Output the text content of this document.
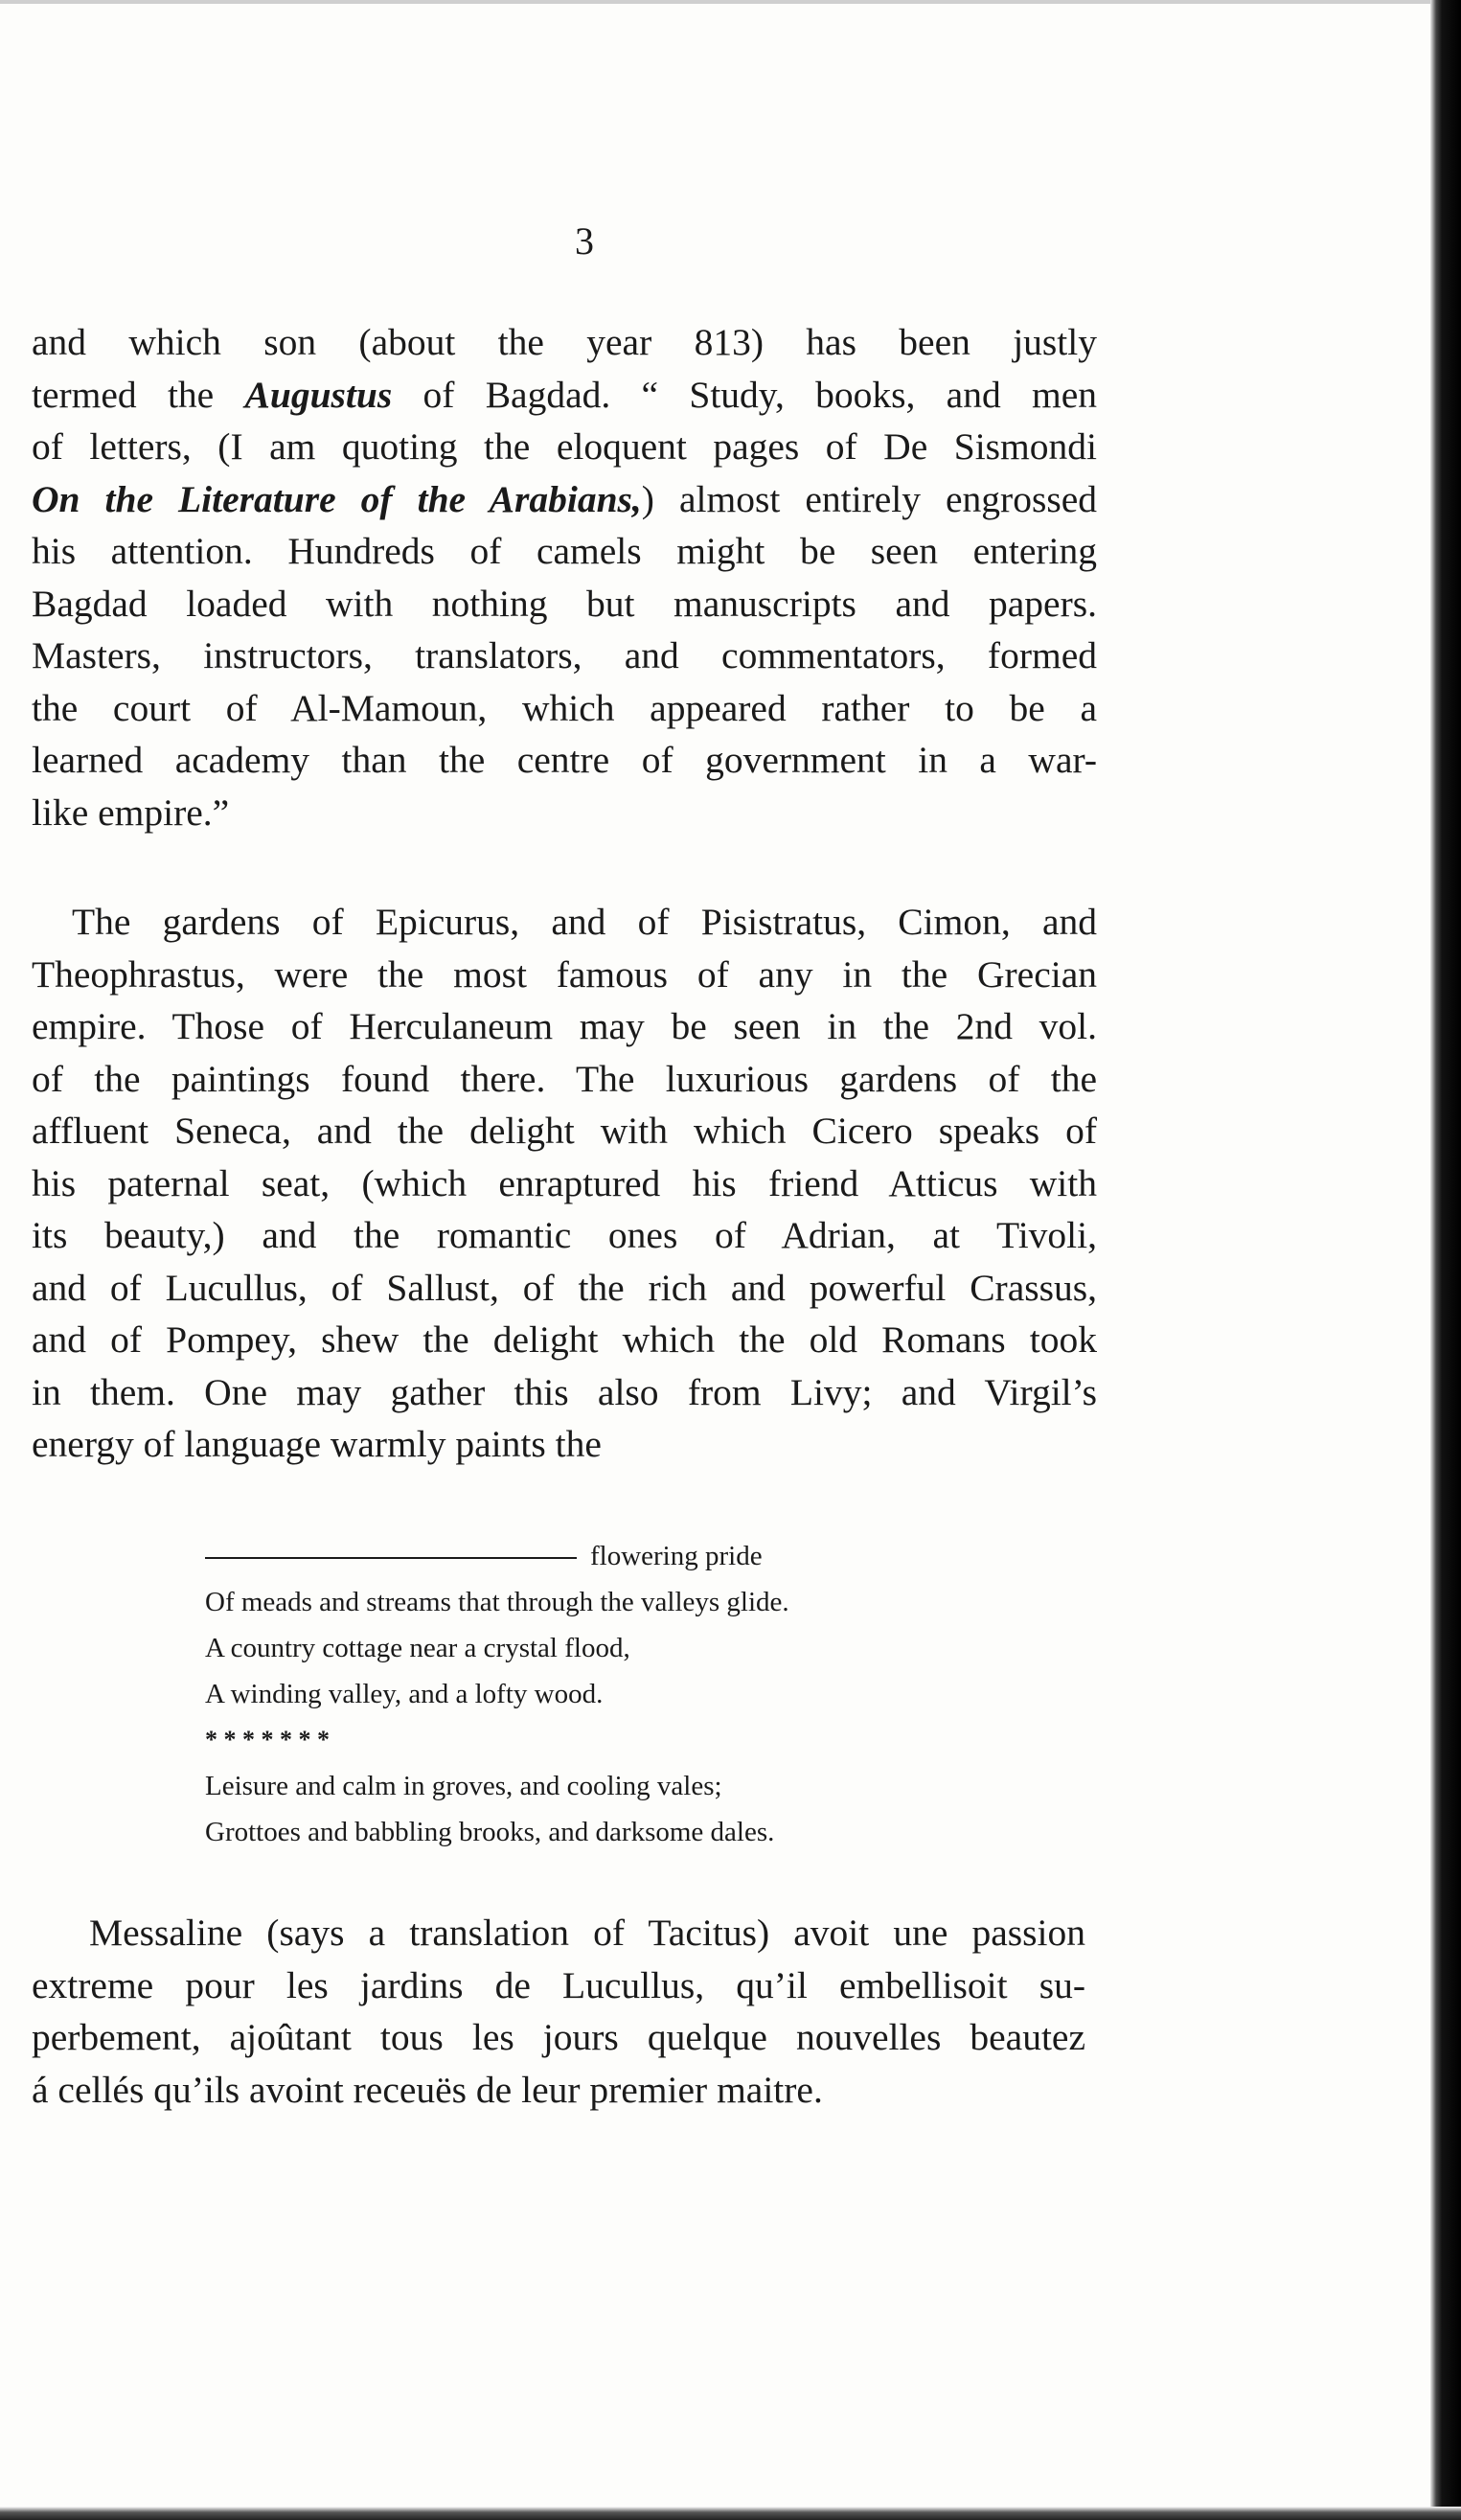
3
and which son (about the year 813) has been justly
termed the Augustus of Bagdad. “ Study, books, and men
of letters, (I am quoting the eloquent pages of De Sismondi
On the Literature of the Arabians,) almost entirely engrossed
his attention. Hundreds of camels might be seen entering
Bagdad loaded with nothing but manuscripts and papers.
Masters, instructors, translators, and commentators, formed
the court of Al-Mamoun, which appeared rather to be a
learned academy than the centre of government in a war-
like empire.”
The gardens of Epicurus, and of Pisistratus, Cimon, and
Theophrastus, were the most famous of any in the Grecian
empire. Those of Herculaneum may be seen in the 2nd vol.
of the paintings found there. The luxurious gardens of the
affluent Seneca, and the delight with which Cicero speaks of
his paternal seat, (which enraptured his friend Atticus with
its beauty,) and the romantic ones of Adrian, at Tivoli,
and of Lucullus, of Sallust, of the rich and powerful Crassus,
and of Pompey, shew the delight which the old Romans took
in them. One may gather this also from Livy; and Virgil’s
energy of language warmly paints the
flowering pride
Of meads and streams that through the valleys glide.
A country cottage near a crystal flood,
A winding valley, and a lofty wood.
* * * * * * *
Leisure and calm in groves, and cooling vales;
Grottoes and babbling brooks, and darksome dales.
Messaline (says a translation of Tacitus) avoit une passion
extreme pour les jardins de Lucullus, qu’il embellisoit su-
perbement, ajoûtant tous les jours quelque nouvelles beautez
á cellés qu’ils avoint receuës de leur premier maitre.
